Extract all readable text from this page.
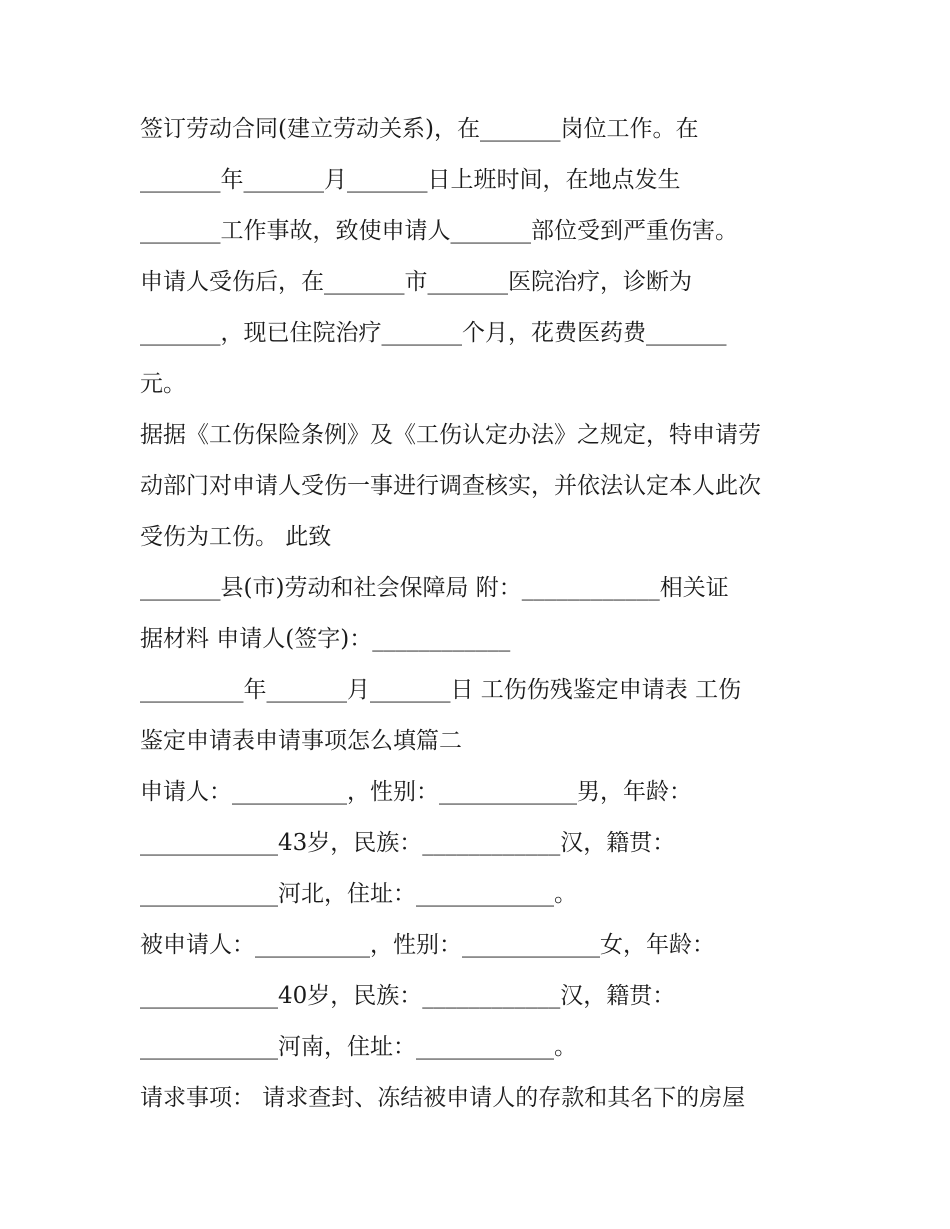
签订劳动合同(建立劳动关系)，在_______岗位工作。在
_______年_______月_______日上班时间，在地点发生
_______工作事故，致使申请人_______部位受到严重伤害。
申请人受伤后，在_______市_______医院治疗，诊断为
_______，现已住院治疗_______个月，花费医药费_______
元。
据据《工伤保险条例》及《工伤认定办法》之规定，特申请劳
动部门对申请人受伤一事进行调查核实，并依法认定本人此次
受伤为工伤。 此致
_______县(市)劳动和社会保障局 附：____________相关证
据材料 申请人(签字)：____________
_________年_______月_______日 工伤伤残鉴定申请表 工伤
鉴定申请表申请事项怎么填篇二
申请人：__________，性别：____________男，年龄：
____________43岁，民族：____________汉，籍贯：
____________河北，住址：____________。
被申请人：__________，性别：____________女，年龄：
____________40岁，民族：____________汉，籍贯：
____________河南，住址：____________。
请求事项： 请求查封、冻结被申请人的存款和其名下的房屋
